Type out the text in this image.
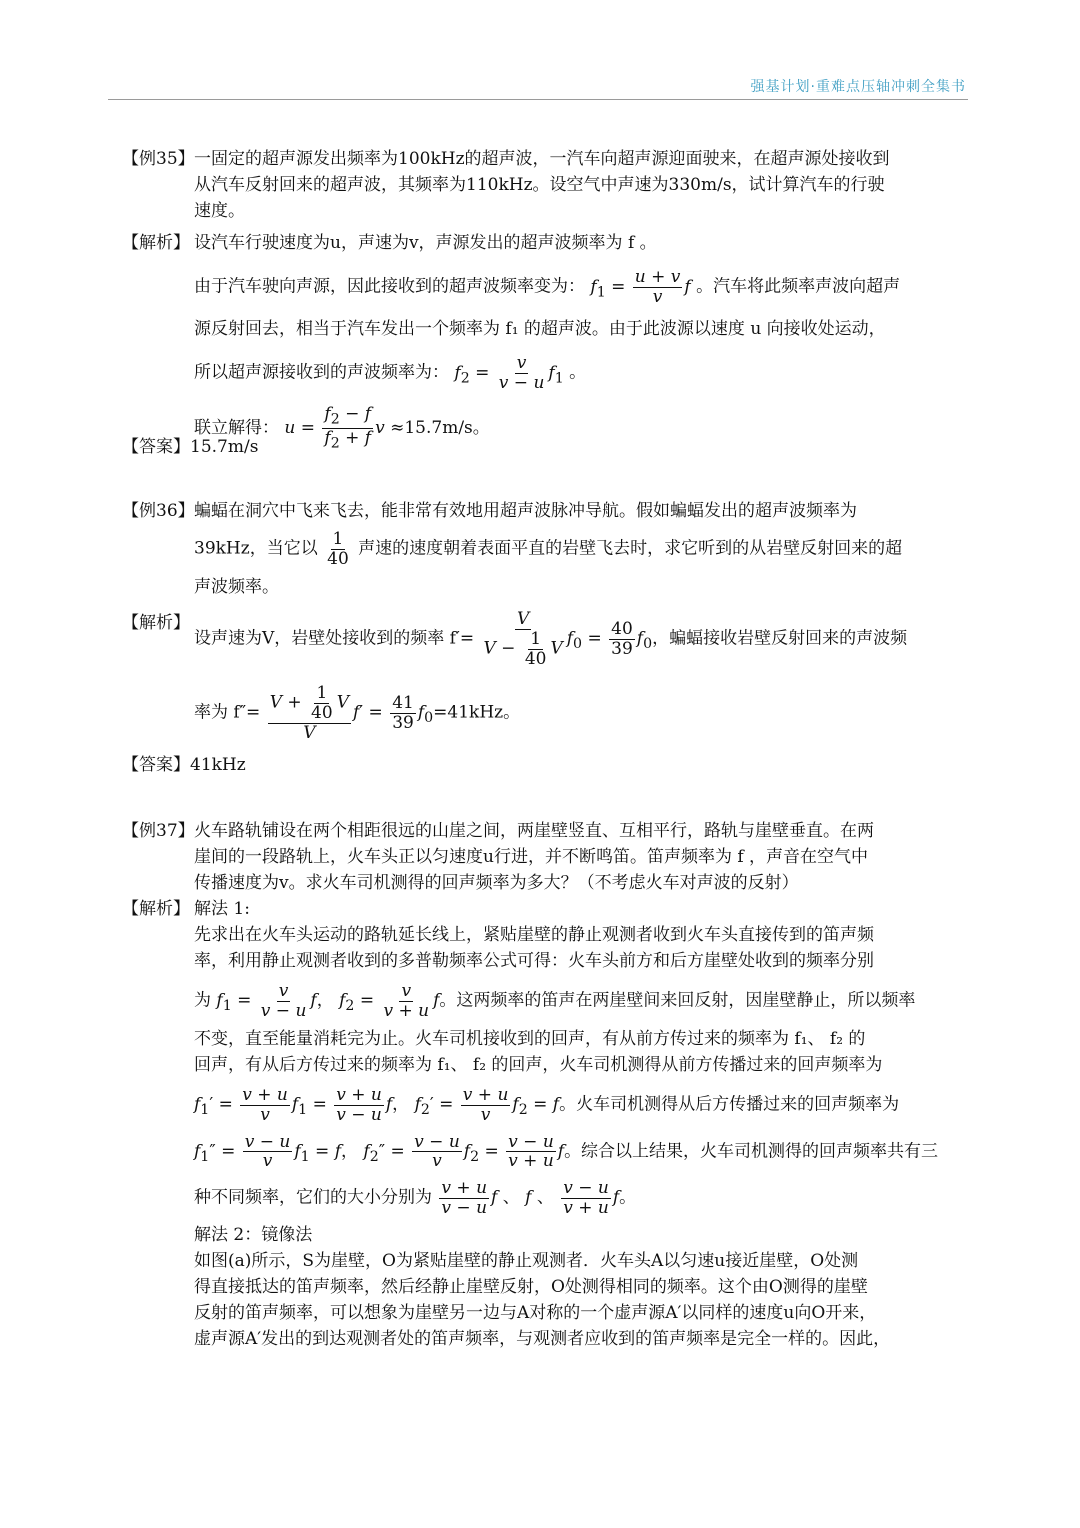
强基计划·重难点压轴冲刺全集书
【例35】 一固定的超声源发出频率为100kHz的超声波，一汽车向超声源迎面驶来，在超声源处接收到
从汽车反射回来的超声波，其频率为110kHz。设空气中声速为330m/s，试计算汽车的行驶
速度。
【解析】 设汽车行驶速度为u，声速为v，声源发出的超声波频率为 f 。
由于汽车驶向声源，因此接收到的超声波频率变为： $f_1 = \frac{u + v}{v}$ f 。汽车将此频率声波向超声
源反射回去，相当于汽车发出一个频率为 f₁ 的超声波。由于此波源以速度 u 向接收处运动，
所以超声源接收到的声波频率为： $f_2 = \frac{v}{v - u} f_1$ 。
联立解得： $u = \frac{f_2 - f}{f_2 + f}$ v ≈15.7m/s。
【答案】15.7m/s
【例36】 蝙蝠在洞穴中飞来飞去，能非常有效地用超声波脉冲导航。假如蝙蝠发出的超声波频率为
39kHz，当它以 $\frac{1}{40}$ 声速的速度朝着表面平直的岩壁飞去时，求它听到的从岩壁反射回来的超
声波频率。
【解析】
设声速为V，岩壁处接收到的频率 $f'= \frac{V}{V - \frac{1}{40} V} f_0 = \frac{40}{39} f_0$，蝙蝠接收岩壁反射回来的声波频
率为 $f''= \frac{V + \frac{1}{40} V}{V} f' = \frac{41}{39} f_0=41kHz$。
【答案】41kHz
【例37】 火车路轨铺设在两个相距很远的山崖之间，两崖壁竖直、互相平行，路轨与崖壁垂直。在两
崖间的一段路轨上，火车头正以匀速度u行进，并不断鸣笛。笛声频率为 f ，声音在空气中
传播速度为v。求火车司机测得的回声频率为多大？（不考虑火车对声波的反射）
【解析】 解法 1:
先求出在火车头运动的路轨延长线上，紧贴崖壁的静止观测者收到火车头直接传到的笛声频
率，利用静止观测者收到的多普勒频率公式可得：火车头前方和后方崖壁处收到的频率分别
为 $f_1 = \frac{v}{v - u}$ f， $f_2 = \frac{v}{v + u}$ f。这两频率的笛声在两崖壁间来回反射，因崖壁静止，所以频率
不变，直至能量消耗完为止。火车司机接收到的回声，有从前方传过来的频率为 f₁、 f₂ 的
回声，有从后方传过来的频率为 f₁、 f₂ 的回声，火车司机测得从前方传播过来的回声频率为
$f_1' = \frac{v + u}{v} f_1 = \frac{v + u}{v - u}$ f， $f_2' = \frac{v + u}{v} f_2 = f$。火车司机测得从后方传播过来的回声频率为
$f_1'' = \frac{v - u}{v} f_1 = f$， $f_2'' = \frac{v - u}{v} f_2 = \frac{v - u}{v + u}$ f。综合以上结果，火车司机测得的回声频率共有三
种不同频率，它们的大小分别为 $\frac{v + u}{v - u}$ f 、 f 、 $\frac{v - u}{v + u}$ f。
解法 2：镜像法
如图(a)所示，S为崖壁，O为紧贴崖壁的静止观测者．火车头A以匀速u接近崖壁，O处测
得直接抵达的笛声频率，然后经静止崖壁反射，O处测得相同的频率。这个由O测得的崖壁
反射的笛声频率，可以想象为崖壁另一边与A对称的一个虚声源A′以同样的速度u向O开来，
虚声源A′发出的到达观测者处的笛声频率，与观测者应收到的笛声频率是完全一样的。因此，
